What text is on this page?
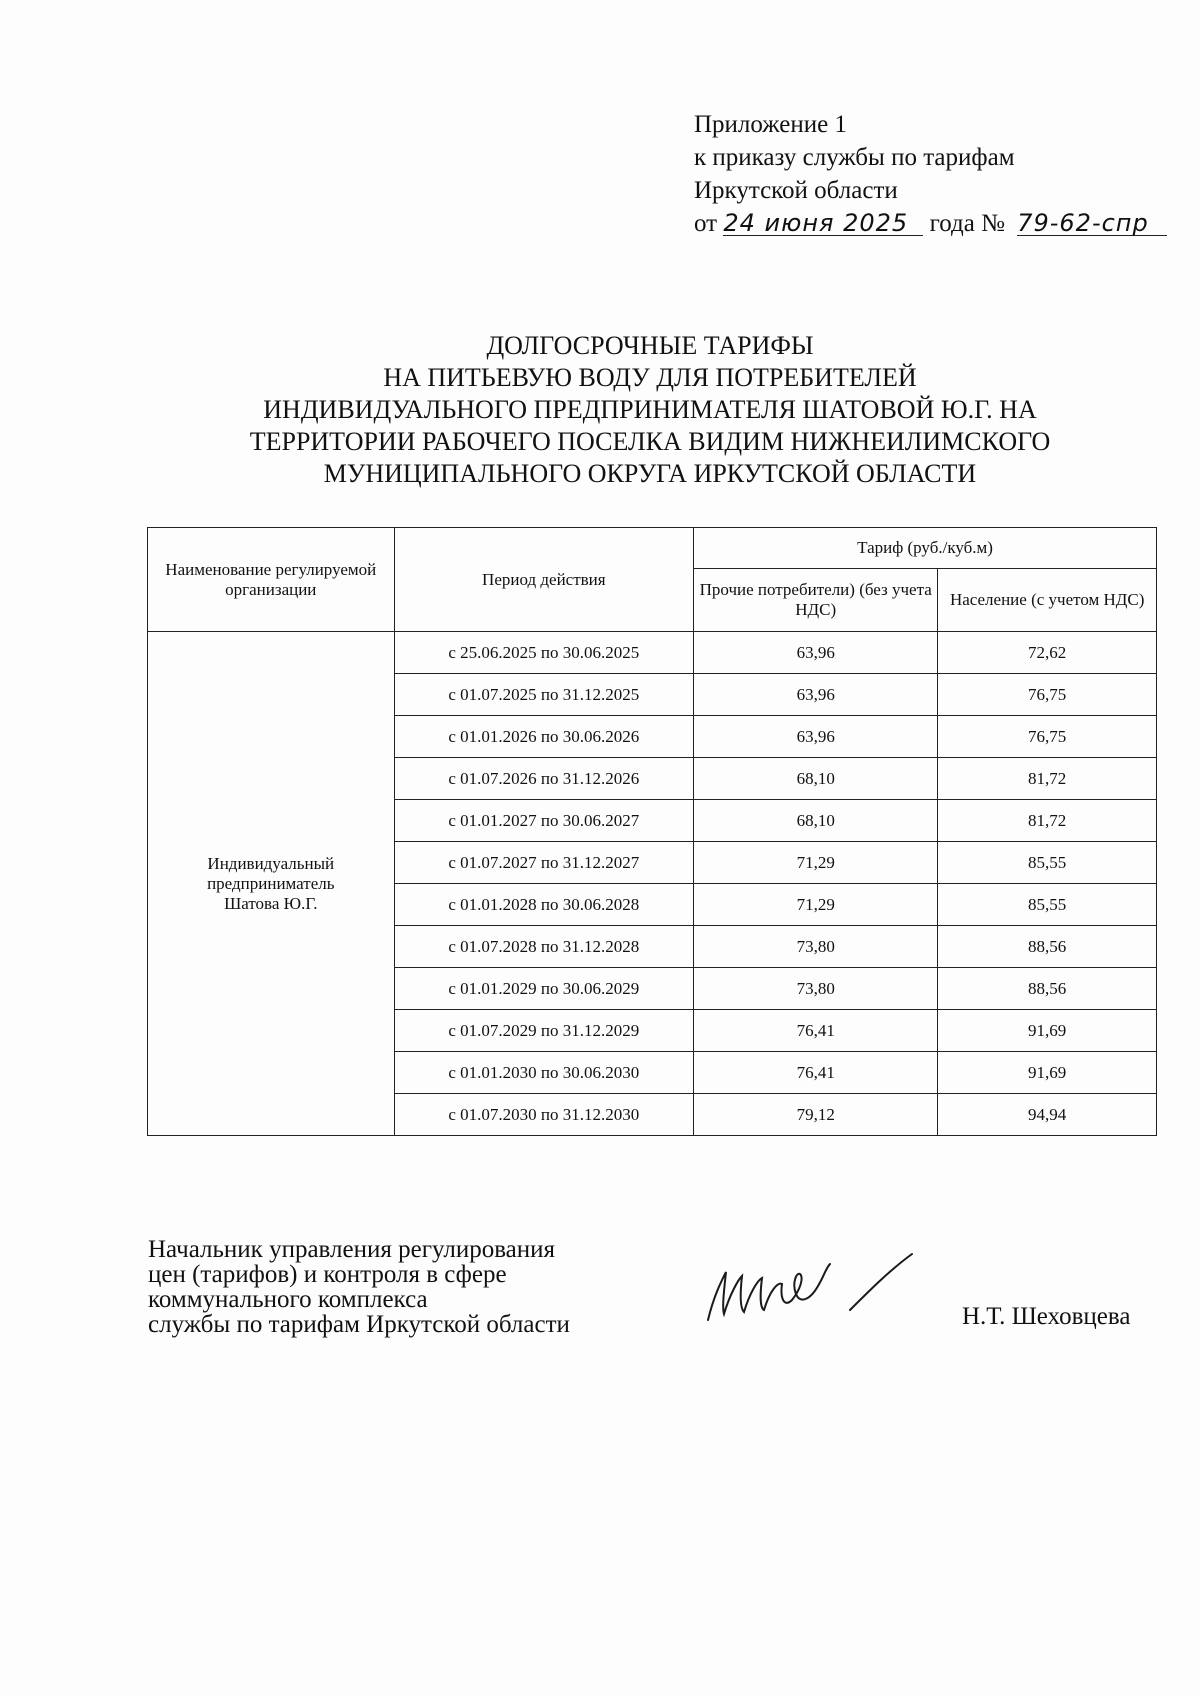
Приложение 1
к приказу службы по тарифам
Иркутской области
от 24 июня 2025 года № 79-62-спр
ДОЛГОСРОЧНЫЕ ТАРИФЫ
НА ПИТЬЕВУЮ ВОДУ ДЛЯ ПОТРЕБИТЕЛЕЙ
ИНДИВИДУАЛЬНОГО ПРЕДПРИНИМАТЕЛЯ ШАТОВОЙ Ю.Г. НА
ТЕРРИТОРИИ РАБОЧЕГО ПОСЕЛКА ВИДИМ НИЖНЕИЛИМСКОГО
МУНИЦИПАЛЬНОГО ОКРУГА ИРКУТСКОЙ ОБЛАСТИ
Наименование регулируемой организации	Период действия	Тариф (руб./куб.м)	
		Прочие потребители) (без учета НДС)	Население (с учетом НДС)
Индивидуальный предприниматель Шатова Ю.Г.	с 25.06.2025 по 30.06.2025	63,96	72,62
	с 01.07.2025 по 31.12.2025	63,96	76,75
	с 01.01.2026 по 30.06.2026	63,96	76,75
	с 01.07.2026 по 31.12.2026	68,10	81,72
	с 01.01.2027 по 30.06.2027	68,10	81,72
	с 01.07.2027 по 31.12.2027	71,29	85,55
	с 01.01.2028 по 30.06.2028	71,29	85,55
	с 01.07.2028 по 31.12.2028	73,80	88,56
	с 01.01.2029 по 30.06.2029	73,80	88,56
	с 01.07.2029 по 31.12.2029	76,41	91,69
	с 01.01.2030 по 30.06.2030	76,41	91,69
	с 01.07.2030 по 31.12.2030	79,12	94,94
Начальник управления регулирования
цен (тарифов) и контроля в сфере
коммунального комплекса
службы по тарифам Иркутской области	Н.Т. Шеховцева
